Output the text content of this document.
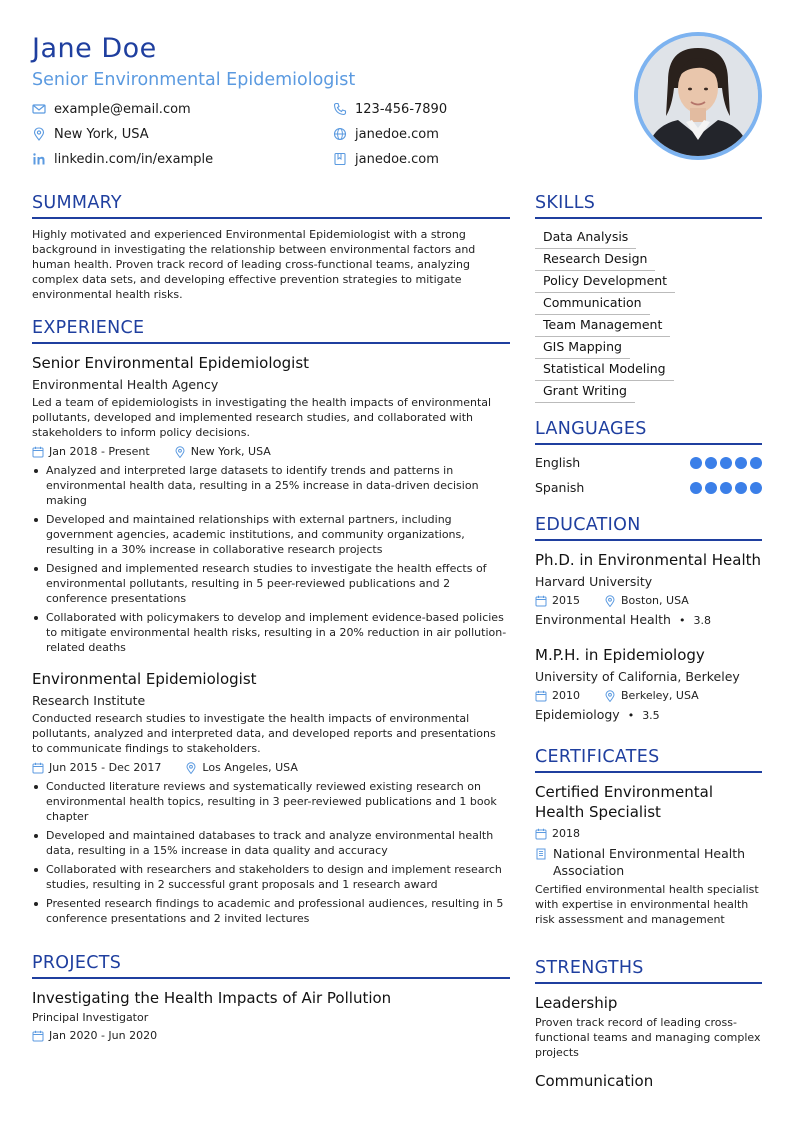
Jane Doe
Senior Environmental Epidemiologist
example@email.com	123-456-7890
New York, USA	janedoe.com
linkedin.com/in/example	janedoe.com
SUMMARY
Highly motivated and experienced Environmental Epidemiologist with a strong background in investigating the relationship between environmental factors and human health. Proven track record of leading cross-functional teams, analyzing complex data sets, and developing effective prevention strategies to mitigate environmental health risks.
EXPERIENCE
Senior Environmental Epidemiologist
Environmental Health Agency
Led a team of epidemiologists in investigating the health impacts of environmental pollutants, developed and implemented research studies, and collaborated with stakeholders to inform policy decisions.
Jan 2018 - Present	New York, USA
Analyzed and interpreted large datasets to identify trends and patterns in environmental health data, resulting in a 25% increase in data-driven decision making
Developed and maintained relationships with external partners, including government agencies, academic institutions, and community organizations, resulting in a 30% increase in collaborative research projects
Designed and implemented research studies to investigate the health effects of environmental pollutants, resulting in 5 peer-reviewed publications and 2 conference presentations
Collaborated with policymakers to develop and implement evidence-based policies to mitigate environmental health risks, resulting in a 20% reduction in air pollution-related deaths
Environmental Epidemiologist
Research Institute
Conducted research studies to investigate the health impacts of environmental pollutants, analyzed and interpreted data, and developed reports and presentations to communicate findings to stakeholders.
Jun 2015 - Dec 2017	Los Angeles, USA
Conducted literature reviews and systematically reviewed existing research on environmental health topics, resulting in 3 peer-reviewed publications and 1 book chapter
Developed and maintained databases to track and analyze environmental health data, resulting in a 15% increase in data quality and accuracy
Collaborated with researchers and stakeholders to design and implement research studies, resulting in 2 successful grant proposals and 1 research award
Presented research findings to academic and professional audiences, resulting in 5 conference presentations and 2 invited lectures
PROJECTS
Investigating the Health Impacts of Air Pollution
Principal Investigator
Jan 2020 - Jun 2020
SKILLS
Data Analysis
Research Design
Policy Development
Communication
Team Management
GIS Mapping
Statistical Modeling
Grant Writing
LANGUAGES
English
Spanish
EDUCATION
Ph.D. in Environmental Health
Harvard University
2015	Boston, USA
Environmental Health • 3.8
M.P.H. in Epidemiology
University of California, Berkeley
2010	Berkeley, USA
Epidemiology • 3.5
CERTIFICATES
Certified Environmental Health Specialist
2018
National Environmental Health Association
Certified environmental health specialist with expertise in environmental health risk assessment and management
STRENGTHS
Leadership
Proven track record of leading cross-functional teams and managing complex projects
Communication
